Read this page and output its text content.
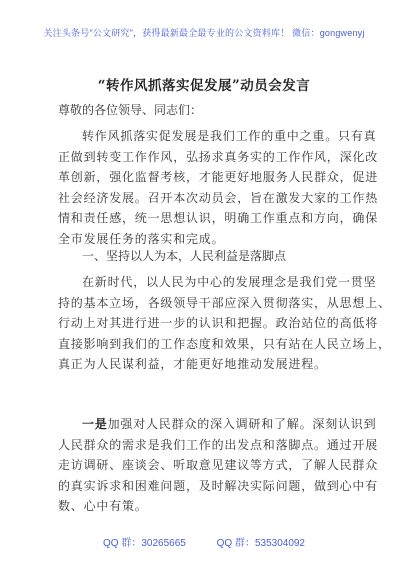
关注头条号"公文研究"，获得最新最全最专业的公文资料库！ 微信：gongwenyj
“转作风抓落实促发展”动员会发言
尊敬的各位领导、同志们：
转作风抓落实促发展是我们工作的重中之重。只有真
正做到转变工作作风，弘扬求真务实的工作作风，深化改
革创新，强化监督考核，才能更好地服务人民群众，促进
社会经济发展。召开本次动员会，旨在激发大家的工作热
情和责任感，统一思想认识，明确工作重点和方向，确保
全市发展任务的落实和完成。
一、坚持以人为本，人民利益是落脚点
在新时代，以人民为中心的发展理念是我们党一贯坚
持的基本立场，各级领导干部应深入贯彻落实，从思想上、
行动上对其进行进一步的认识和把握。政治站位的高低将
直接影响到我们的工作态度和效果，只有站在人民立场上，
真正为人民谋利益，才能更好地推动发展进程。
一是加强对人民群众的深入调研和了解。深刻认识到
人民群众的需求是我们工作的出发点和落脚点。通过开展
走访调研、座谈会、听取意见建议等方式，了解人民群众
的真实诉求和困难问题，及时解决实际问题，做到心中有
数、心中有策。
QQ 群：30265665	QQ 群：535304092
